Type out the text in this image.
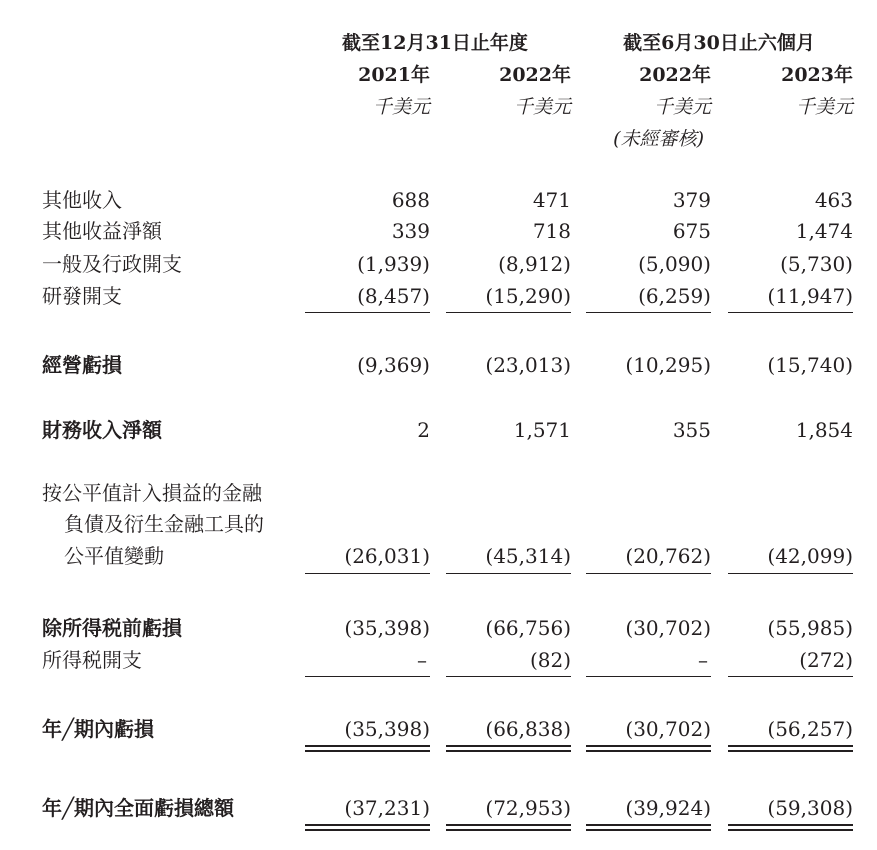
截至12月31日止年度	截至6月30日止六個月
2021年	2022年	2022年	2023年
千美元	千美元	千美元	千美元
(未經審核)
其他收入	688	471	379	463
其他收益淨額	339	718	675	1,474
一般及行政開支	(1,939)	(8,912)	(5,090)	(5,730)
研發開支	(8,457)	(15,290)	(6,259)	(11,947)
經營虧損	(9,369)	(23,013)	(10,295)	(15,740)
財務收入淨額	2	1,571	355	1,854
按公平值計入損益的金融
負債及衍生金融工具的
公平值變動	(26,031)	(45,314)	(20,762)	(42,099)
除所得税前虧損	(35,398)	(66,756)	(30,702)	(55,985)
所得税開支	–	(82)	–	(272)
年╱期內虧損	(35,398)	(66,838)	(30,702)	(56,257)
年╱期內全面虧損總額	(37,231)	(72,953)	(39,924)	(59,308)
